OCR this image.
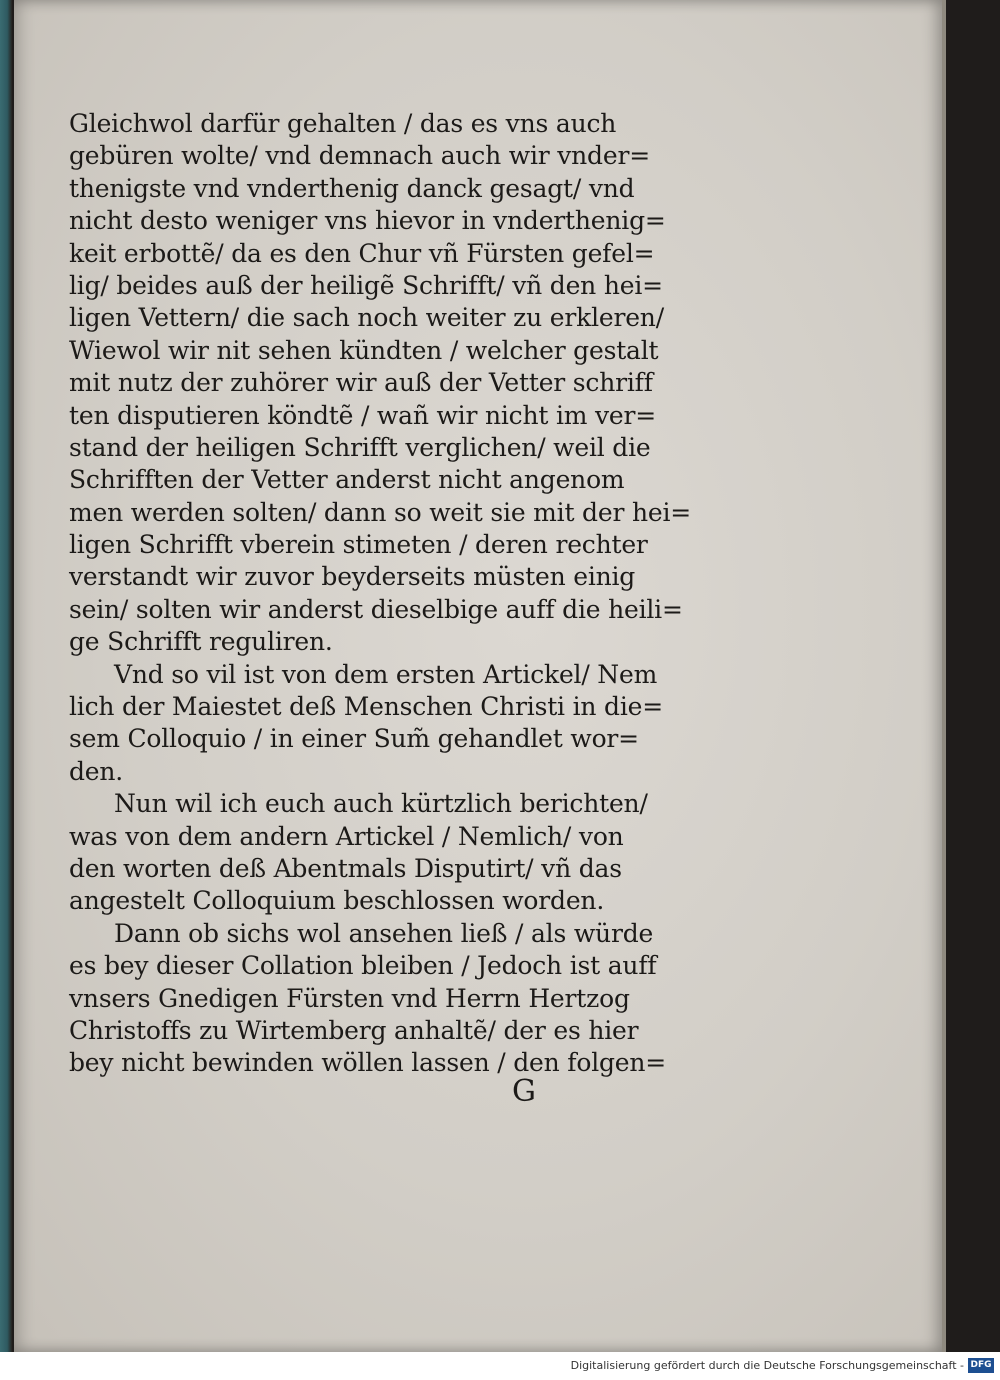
Gleichwol darfür gehalten / das es vns auch
gebüren wolte/ vnd demnach auch wir vnder=
thenigste vnd vnderthenig danck gesagt/ vnd
nicht desto weniger vns hievor in vnderthenig=
keit erbottẽ/ da es den Chur vñ Fürsten gefel=
lig/ beides auß der heiligẽ Schrifft/ vñ den hei=
ligen Vettern/ die sach noch weiter zu erkleren/
Wiewol wir nit sehen kündten / welcher gestalt
mit nutz der zuhörer wir auß der Vetter schriff
ten disputieren köndtẽ / wañ wir nicht im ver=
stand der heiligen Schrifft verglichen/ weil die
Schrifften der Vetter anderst nicht angenom
men werden solten/ dann so weit sie mit der hei=
ligen Schrifft vberein stimeten / deren rechter
verstandt wir zuvor beyderseits müsten einig
sein/ solten wir anderst dieselbige auff die heili=
ge Schrifft reguliren.
Vnd so vil ist von dem ersten Artickel/ Nem
lich der Maiestet deß Menschen Christi in die=
sem Colloquio / in einer Sum̃ gehandlet wor=
den.
Nun wil ich euch auch kürtzlich berichten/
was von dem andern Artickel / Nemlich/ von
den worten deß Abentmals Disputirt/ vñ das
angestelt Colloquium beschlossen worden.
Dann ob sichs wol ansehen ließ / als würde
es bey dieser Collation bleiben / Jedoch ist auff
vnsers Gnedigen Fürsten vnd Herrn Hertzog
Christoffs zu Wirtemberg anhaltẽ/ der es hier
bey nicht bewinden wöllen lassen / den folgen=
G
Digitalisierung gefördert durch die Deutsche Forschungsgemeinschaft - DFG
